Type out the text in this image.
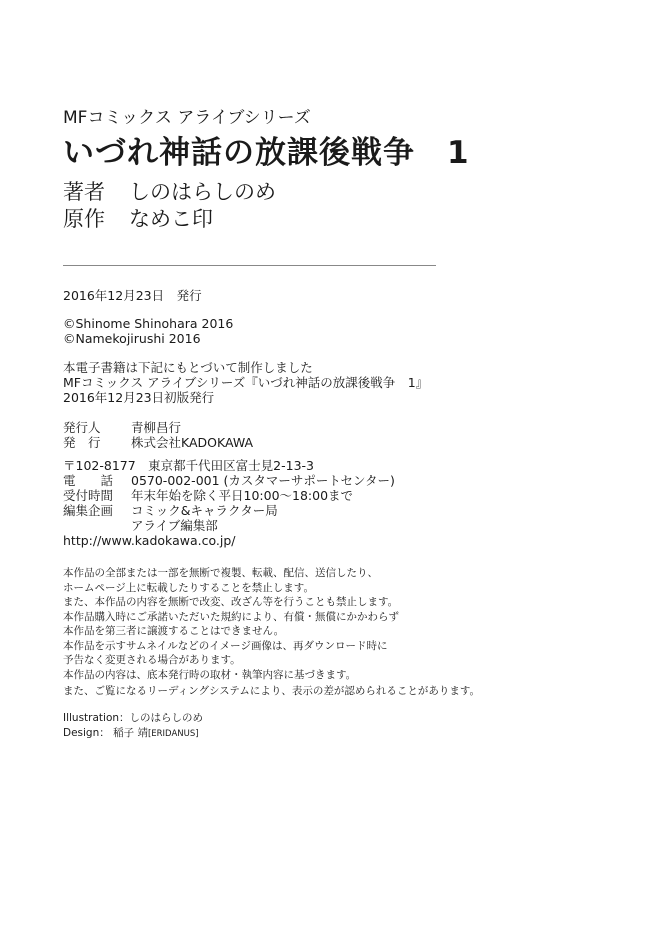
MFコミックス アライブシリーズ
いづれ神話の放課後戦争　1
著者 しのはらしのめ
原作 なめこ印
2016年12月23日　発行
©Shinome Shinohara 2016
©Namekojirushi 2016
本電子書籍は下記にもとづいて制作しました
MFコミックス アライブシリーズ『いづれ神話の放課後戦争　1』
2016年12月23日初版発行
発行人 青柳昌行
発　行 株式会社KADOKAWA
〒102-8177　東京都千代田区富士見2-13-3
電　　話 0570-002-001 (カスタマーサポートセンター)
受付時間 年末年始を除く平日10:00～18:00まで
編集企画 コミック&キャラクター局
アライブ編集部
http://www.kadokawa.co.jp/
本作品の全部または一部を無断で複製、転載、配信、送信したり、
ホームページ上に転載したりすることを禁止します。
また、本作品の内容を無断で改変、改ざん等を行うことも禁止します。
本作品購入時にご承諾いただいた規約により、有償・無償にかかわらず
本作品を第三者に譲渡することはできません。
本作品を示すサムネイルなどのイメージ画像は、再ダウンロード時に
予告なく変更される場合があります。
本作品の内容は、底本発行時の取材・執筆内容に基づきます。
また、ご覧になるリーディングシステムにより、表示の差が認められることがあります。
Illustration：しのはらしのめ
Design： 稲子 靖[ERIDANUS]
